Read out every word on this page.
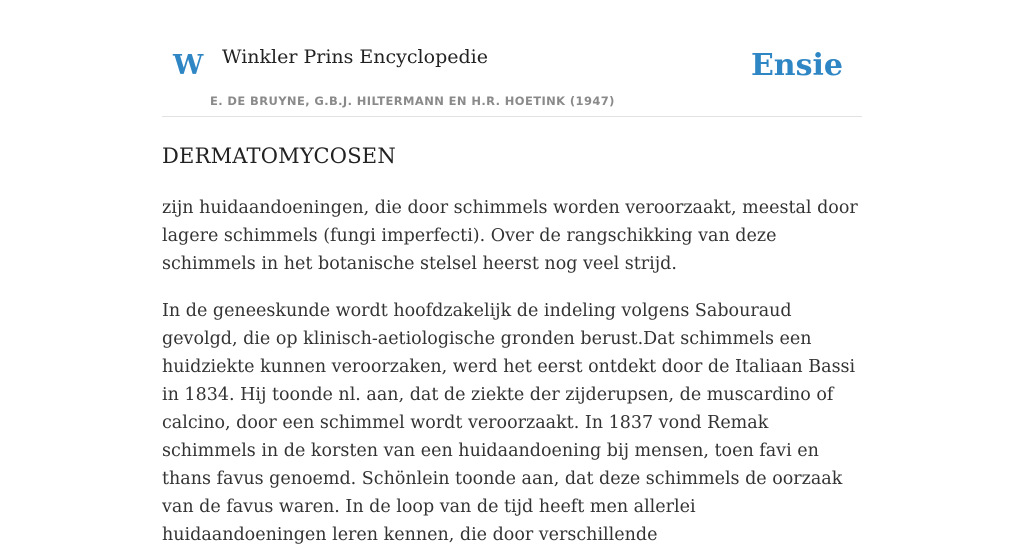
W Winkler Prins Encyclopedie
E. DE BRUYNE, G.B.J. HILTERMANN EN H.R. HOETINK (1947)
Ensie
DERMATOMYCOSEN

zijn huidaandoeningen, die door schimmels worden veroorzaakt, meestal door lagere schimmels (fungi imperfecti). Over de rangschikking van deze schimmels in het botanische stelsel heerst nog veel strijd.

In de geneeskunde wordt hoofdzakelijk de indeling volgens Sabouraud gevolgd, die op klinisch-aetiologische gronden berust.Dat schimmels een huidziekte kunnen veroorzaken, werd het eerst ontdekt door de Italiaan Bassi in 1834. Hij toonde nl. aan, dat de ziekte der zijderupsen, de muscardino of calcino, door een schimmel wordt veroorzaakt. In 1837 vond Remak schimmels in de korsten van een huidaandoening bij mensen, toen favi en thans favus genoemd. Schönlein toonde aan, dat deze schimmels de oorzaak van de favus waren. In de loop van de tijd heeft men allerlei huidaandoeningen leren kennen, die door verschillende
